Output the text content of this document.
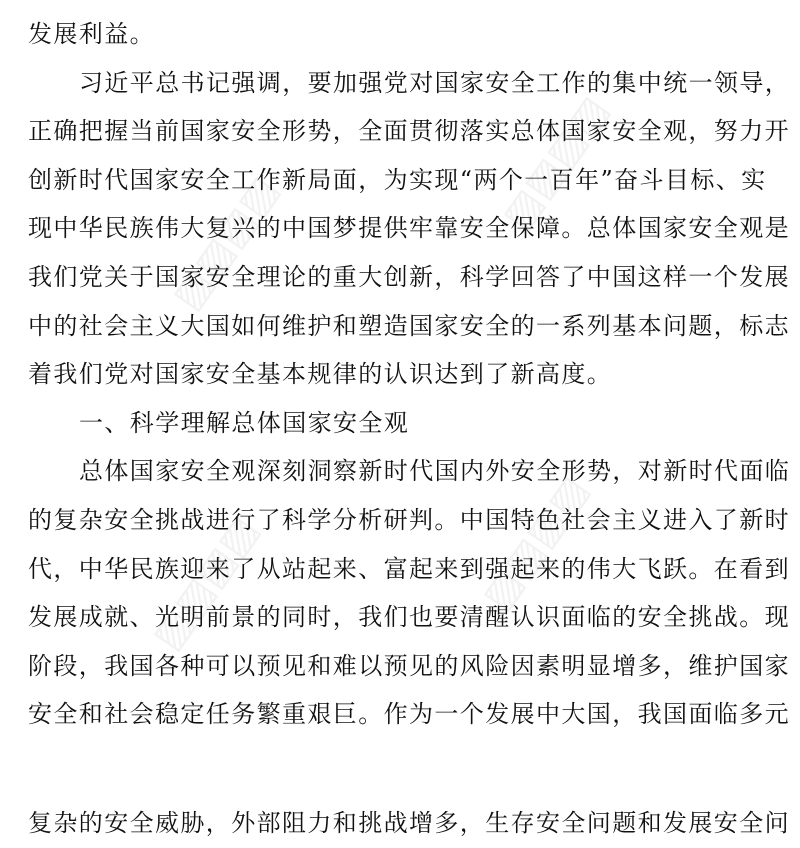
▨▨▨▨
▨▨▨▨
▨▨▨▨	▨▨▨▨
发展利益。
习近平总书记强调，要加强党对国家安全工作的集中统一领导，
正确把握当前国家安全形势，全面贯彻落实总体国家安全观，努力开
创新时代国家安全工作新局面，为实现“两个一百年”奋斗目标、实
现中华民族伟大复兴的中国梦提供牢靠安全保障。总体国家安全观是
我们党关于国家安全理论的重大创新，科学回答了中国这样一个发展
中的社会主义大国如何维护和塑造国家安全的一系列基本问题，标志
着我们党对国家安全基本规律的认识达到了新高度。
一、科学理解总体国家安全观
总体国家安全观深刻洞察新时代国内外安全形势，对新时代面临
的复杂安全挑战进行了科学分析研判。中国特色社会主义进入了新时
代，中华民族迎来了从站起来、富起来到强起来的伟大飞跃。在看到
发展成就、光明前景的同时，我们也要清醒认识面临的安全挑战。现
阶段，我国各种可以预见和难以预见的风险因素明显增多，维护国家
安全和社会稳定任务繁重艰巨。作为一个发展中大国，我国面临多元
复杂的安全威胁，外部阻力和挑战增多，生存安全问题和发展安全问
